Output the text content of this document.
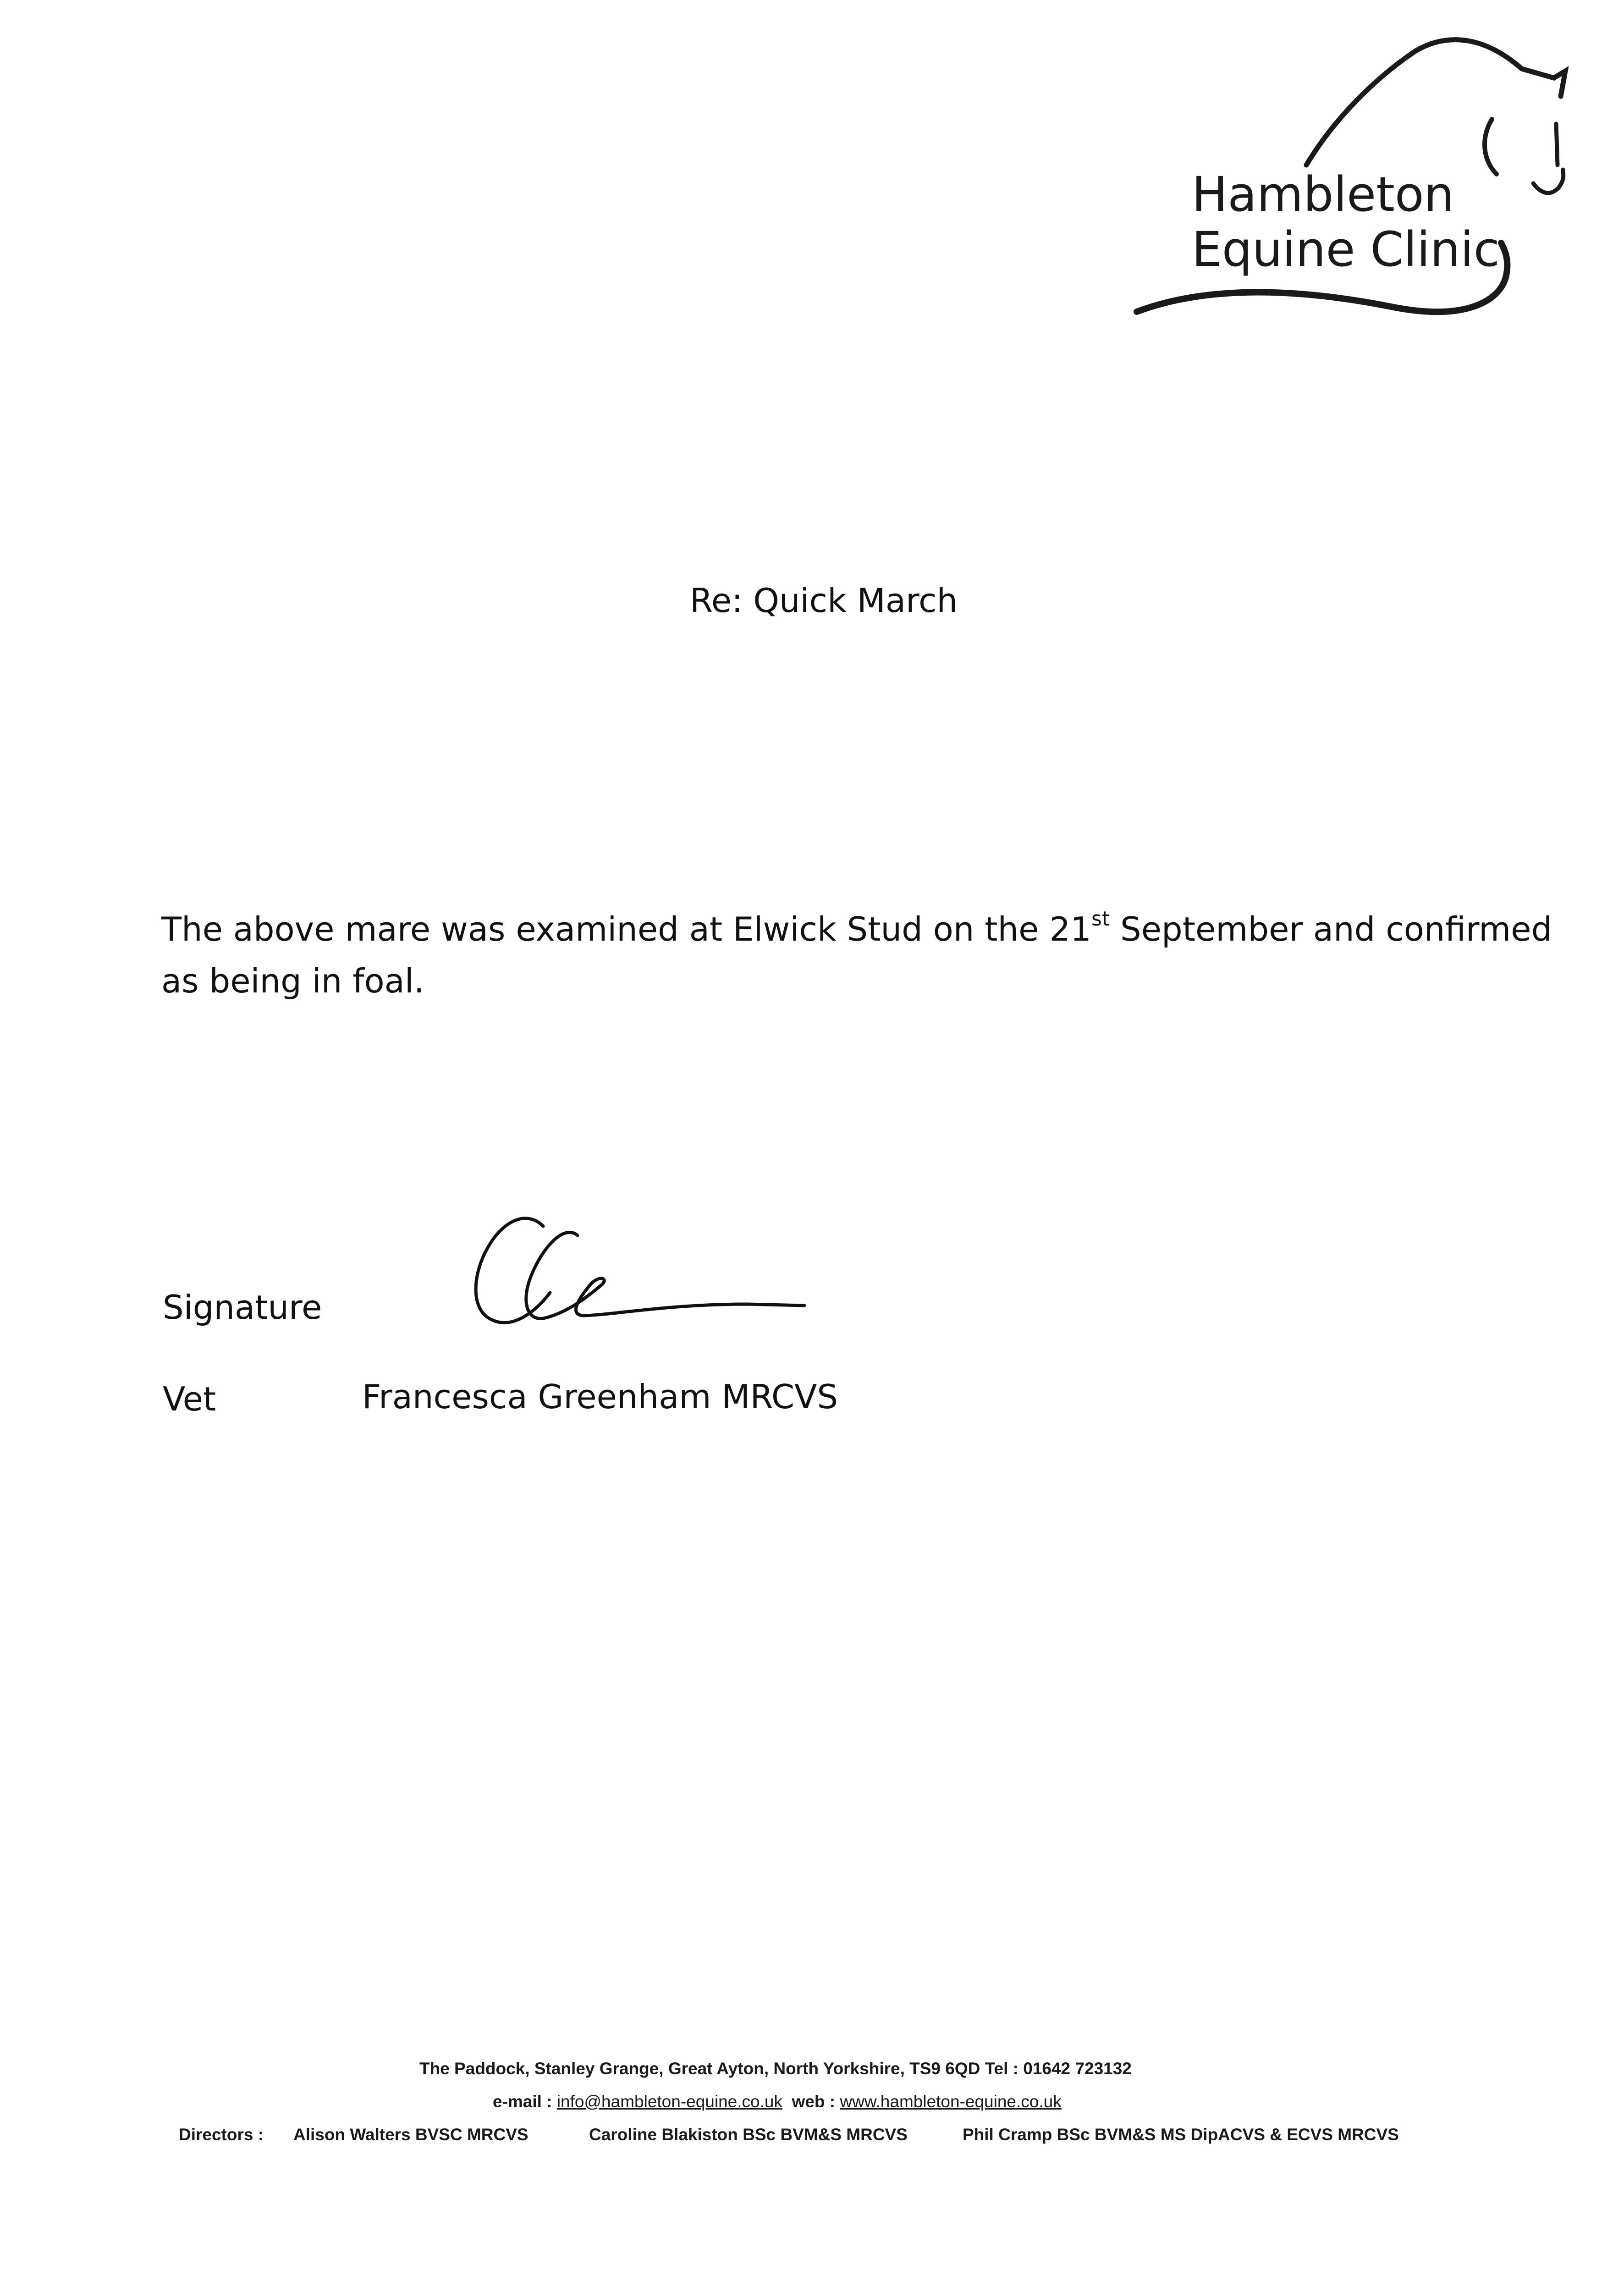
Hambleton
Equine Clinic
Re: Quick March
The above mare was examined at Elwick Stud on the 21st September and confirmed
as being in foal.
Signature
Vet	Francesca Greenham MRCVS
The Paddock, Stanley Grange, Great Ayton, North Yorkshire, TS9 6QD Tel : 01642 723132
e-mail : info@hambleton-equine.co.uk  web : www.hambleton-equine.co.uk
Directors : Alison Walters BVSC MRCVS	Caroline Blakiston BSc BVM&S MRCVS	Phil Cramp BSc BVM&S MS DipACVS & ECVS MRCVS
